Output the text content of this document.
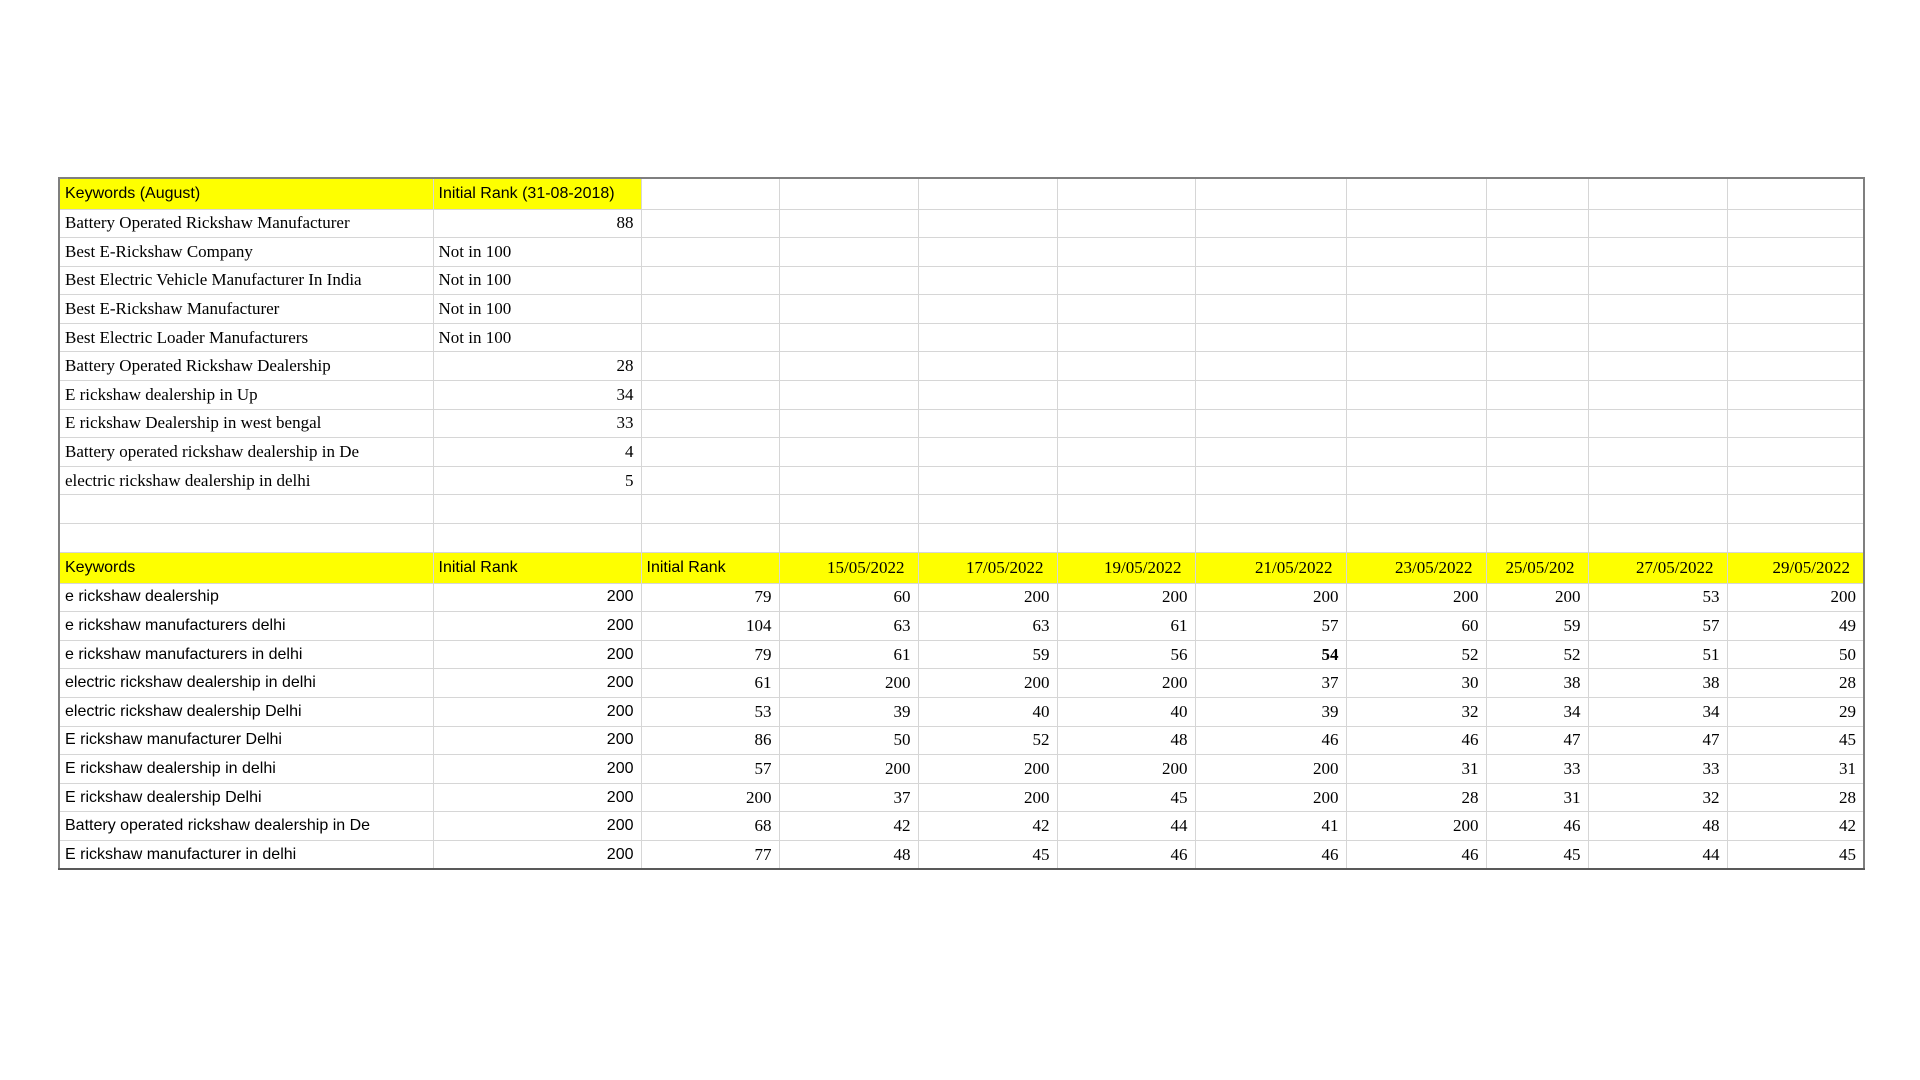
Keywords (August)	Initial Rank (31-08-2018)									
Battery Operated Rickshaw Manufacturer	88									
Best E-Rickshaw Company	Not in 100									
Best Electric Vehicle Manufacturer In India	Not in 100									
Best E-Rickshaw Manufacturer	Not in 100									
Best Electric Loader Manufacturers	Not in 100									
Battery Operated Rickshaw Dealership	28									
E rickshaw dealership in Up	34									
E rickshaw Dealership in west bengal	33									
Battery operated rickshaw dealership in De	4									
electric rickshaw dealership in delhi	5									

Keywords	Initial Rank	Initial Rank	15/05/2022	17/05/2022	19/05/2022	21/05/2022	23/05/2022	25/05/202	27/05/2022	29/05/2022
e rickshaw dealership	200	79	60	200	200	200	200	200	53	200
e rickshaw manufacturers delhi	200	104	63	63	61	57	60	59	57	49
e rickshaw manufacturers in delhi	200	79	61	59	56	54	52	52	51	50
electric rickshaw dealership in delhi	200	61	200	200	200	37	30	38	38	28
electric rickshaw dealership Delhi	200	53	39	40	40	39	32	34	34	29
E rickshaw manufacturer Delhi	200	86	50	52	48	46	46	47	47	45
E rickshaw dealership in delhi	200	57	200	200	200	200	31	33	33	31
E rickshaw dealership Delhi	200	200	37	200	45	200	28	31	32	28
Battery operated rickshaw dealership in De	200	68	42	42	44	41	200	46	48	42
E rickshaw manufacturer in delhi	200	77	48	45	46	46	46	45	44	45
